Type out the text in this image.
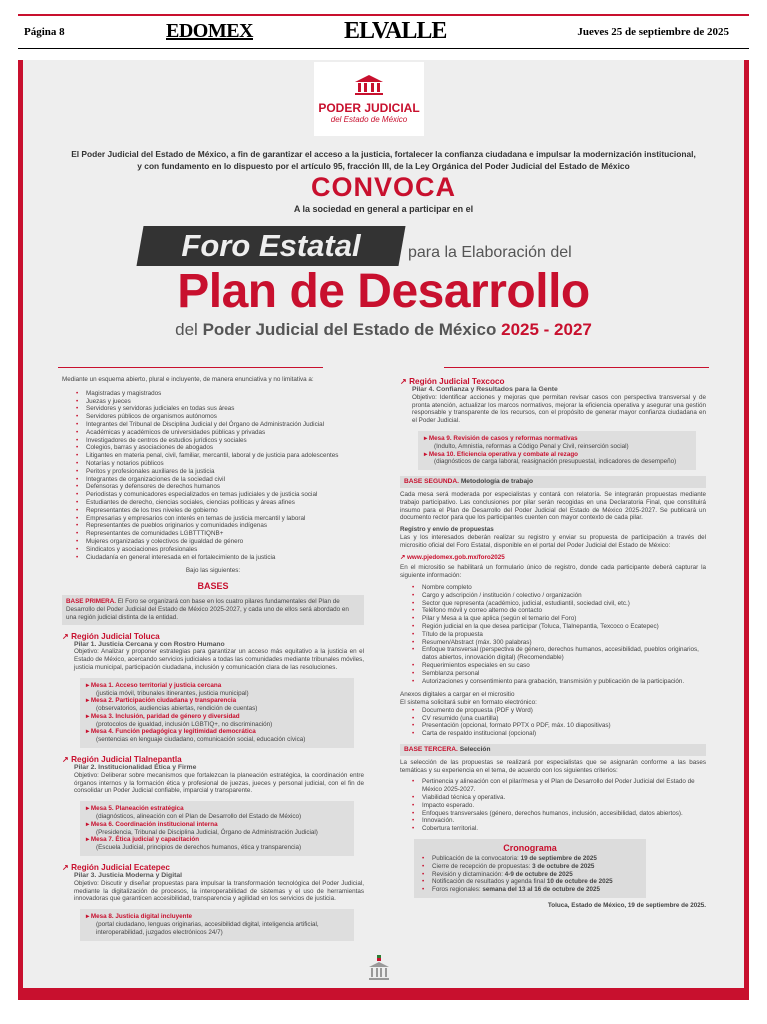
Página 8	EDOMEX	ELVALLE	Jueves 25 de septiembre de 2025
PODER JUDICIAL
del Estado de México
El Poder Judicial del Estado de México, a fin de garantizar el acceso a la justicia, fortalecer la confianza ciudadana e impulsar la modernización institucional, y con fundamento en lo dispuesto por el artículo 95, fracción III, de la Ley Orgánica del Poder Judicial del Estado de México
CONVOCA
A la sociedad en general a participar en el
Foro Estatal	para la Elaboración del
Plan de Desarrollo
del Poder Judicial del Estado de México 2025 - 2027
Mediante un esquema abierto, plural e incluyente, de manera enunciativa y no limitativa a:
• Magistradas y magistrados
• Juezas y jueces
• Servidores y servidoras judiciales en todas sus áreas
• Servidores públicos de organismos autónomos
• Integrantes del Tribunal de Disciplina Judicial y del Órgano de Administración Judicial
• Académicas y académicos de universidades públicas y privadas
• Investigadores de centros de estudios jurídicos y sociales
• Colegios, barras y asociaciones de abogados
• Litigantes en materia penal, civil, familiar, mercantil, laboral y de justicia para adolescentes
• Notarías y notarios públicos
• Peritos y profesionales auxiliares de la justicia
• Integrantes de organizaciones de la sociedad civil
• Defensoras y defensores de derechos humanos
• Periodistas y comunicadores especializados en temas judiciales y de justicia social
• Estudiantes de derecho, ciencias sociales, ciencias políticas y áreas afines
• Representantes de los tres niveles de gobierno
• Empresarias y empresarios con interés en temas de justicia mercantil y laboral
• Representantes de pueblos originarios y comunidades indígenas
• Representantes de comunidades LGBTTTIQNB+
• Mujeres organizadas y colectivos de igualdad de género
• Sindicatos y asociaciones profesionales
• Ciudadanía en general interesada en el fortalecimiento de la justicia
Bajo las siguientes:
BASES
BASE PRIMERA. El Foro se organizará con base en los cuatro pilares fundamentales del Plan de Desarrollo del Poder Judicial del Estado de México 2025-2027, y cada uno de ellos será abordado en una región judicial distinta de la entidad.
↗ Región Judicial Toluca
Pilar 1. Justicia Cercana y con Rostro Humano
Objetivo: Analizar y proponer estrategias para garantizar un acceso más equitativo a la justicia en el Estado de México, acercando servicios judiciales a todas las comunidades mediante tribunales móviles, justicia municipal, participación ciudadana, inclusión y comunicación clara de las resoluciones.
▸ Mesa 1. Acceso territorial y justicia cercana
(justicia móvil, tribunales itinerantes, justicia municipal)
▸ Mesa 2. Participación ciudadana y transparencia
(observatorios, audiencias abiertas, rendición de cuentas)
▸ Mesa 3. Inclusión, paridad de género y diversidad
(protocolos de igualdad, inclusión LGBTIQ+, no discriminación)
▸ Mesa 4. Función pedagógica y legitimidad democrática
(sentencias en lenguaje ciudadano, comunicación social, educación cívica)
↗ Región Judicial Tlalnepantla
Pilar 2. Institucionalidad Ética y Firme
Objetivo: Deliberar sobre mecanismos que fortalezcan la planeación estratégica, la coordinación entre órganos internos y la formación ética y profesional de juezas, jueces y personal judicial, con el fin de consolidar un Poder Judicial confiable, imparcial y transparente.
▸ Mesa 5. Planeación estratégica
(diagnósticos, alineación con el Plan de Desarrollo del Estado de México)
▸ Mesa 6. Coordinación institucional interna
(Presidencia, Tribunal de Disciplina Judicial, Órgano de Administración Judicial)
▸ Mesa 7. Ética judicial y capacitación
(Escuela Judicial, principios de derechos humanos, ética y transparencia)
↗ Región Judicial Ecatepec
Pilar 3. Justicia Moderna y Digital
Objetivo: Discutir y diseñar propuestas para impulsar la transformación tecnológica del Poder Judicial, mediante la digitalización de procesos, la interoperabilidad de sistemas y el uso de herramientas innovadoras que garanticen accesibilidad, transparencia y agilidad en los servicios de justicia.
▸ Mesa 8. Justicia digital incluyente
(portal ciudadano, lenguas originarias, accesibilidad digital, inteligencia artificial, interoperabilidad, juzgados electrónicos 24/7)
↗ Región Judicial Texcoco
Pilar 4. Confianza y Resultados para la Gente
Objetivo: Identificar acciones y mejoras que permitan revisar casos con perspectiva transversal y de pronta atención, actualizar los marcos normativos, mejorar la eficiencia operativa y asegurar una gestión responsable y transparente de los recursos, con el propósito de generar mayor confianza ciudadana en el Poder Judicial.
▸ Mesa 9. Revisión de casos y reformas normativas
(Indulto, Amnistía, reformas a Código Penal y Civil, reinserción social)
▸ Mesa 10. Eficiencia operativa y combate al rezago
(diagnósticos de carga laboral, reasignación presupuestal, indicadores de desempeño)
BASE SEGUNDA. Metodología de trabajo
Cada mesa será moderada por especialistas y contará con relatoría. Se integrarán propuestas mediante trabajo participativo. Las conclusiones por pilar serán recogidas en una Declaratoria Final, que constituirá insumo para el Plan de Desarrollo del Poder Judicial del Estado de México 2025-2027. Se publicará un documento rector para que los participantes cuenten con mayor contexto de cada pilar.
Registro y envío de propuestas
Las y los interesados deberán realizar su registro y enviar su propuesta de participación a través del micrositio oficial del Foro Estatal, disponible en el portal del Poder Judicial del Estado de México:
↗ www.pjedomex.gob.mx/foro2025
En el micrositio se habilitará un formulario único de registro, donde cada participante deberá capturar la siguiente información:
• Nombre completo
• Cargo y adscripción / institución / colectivo / organización
• Sector que representa (académico, judicial, estudiantil, sociedad civil, etc.)
• Teléfono móvil y correo alterno de contacto
• Pilar y Mesa a la que aplica (según el temario del Foro)
• Región judicial en la que desea participar (Toluca, Tlalnepantla, Texcoco o Ecatepec)
• Título de la propuesta
• Resumen/Abstract (máx. 300 palabras)
• Enfoque transversal (perspectiva de género, derechos humanos, accesibilidad, pueblos originarios, datos abiertos, innovación digital) (Recomendable)
• Requerimientos especiales en su caso
• Semblanza personal
• Autorizaciones y consentimiento para grabación, transmisión y publicación de la participación.
Anexos digitales a cargar en el micrositio
El sistema solicitará subir en formato electrónico:
• Documento de propuesta (PDF y Word)
• CV resumido (una cuartilla)
• Presentación (opcional, formato PPTX o PDF, máx. 10 diapositivas)
• Carta de respaldo institucional (opcional)
BASE TERCERA. Selección
La selección de las propuestas se realizará por especialistas que se asignarán conforme a las bases temáticas y su experiencia en el tema, de acuerdo con los siguientes criterios:
• Pertinencia y alineación con el pilar/mesa y el Plan de Desarrollo del Poder Judicial del Estado de México 2025-2027.
• Viabilidad técnica y operativa.
• Impacto esperado.
• Enfoques transversales (género, derechos humanos, inclusión, accesibilidad, datos abiertos).
• Innovación.
• Cobertura territorial.
Cronograma
• Publicación de la convocatoria: 19 de septiembre de 2025
• Cierre de recepción de propuestas: 3 de octubre de 2025
• Revisión y dictaminación: 4-9 de octubre de 2025
• Notificación de resultados y agenda final 10 de octubre de 2025
• Foros regionales: semana del 13 al 16 de octubre de 2025
Toluca, Estado de México, 19 de septiembre de 2025.
